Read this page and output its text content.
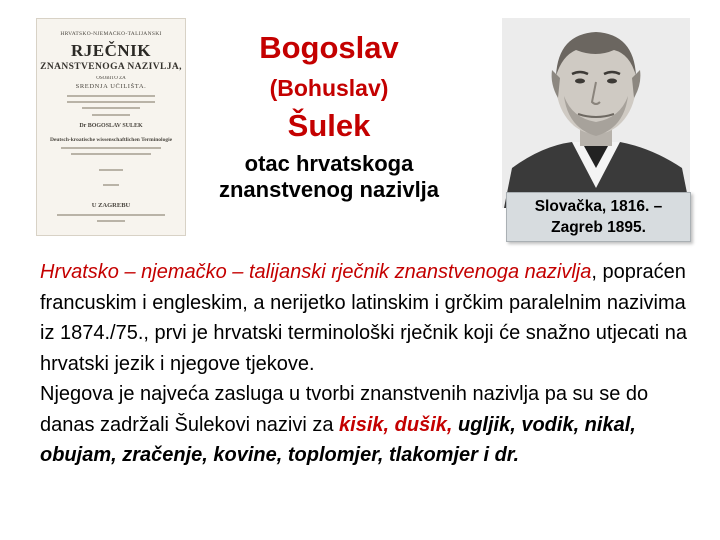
HRVATSKO-NJEMAČKO-TALIJANSKI
RJEČNIK
ZNANSTVENOGA NAZIVLJA,
OSOBITO ZA
SREDNJA UČILIŠTA.
Dr BOGOSLAV ŠULEK
Deutsch-kroatische wissenschaftlichen Terminologie
U ZAGREBU
Bogoslav
(Bohuslav)
Šulek
otac hrvatskoga znanstvenog nazivlja
Slovačka, 1816. –
Zagreb 1895.

Hrvatsko – njemačko – talijanski rječnik znanstvenoga nazivlja, popraćen francuskim i engleskim, a nerijetko latinskim i grčkim paralelnim nazivima iz 1874./75., prvi je hrvatski terminološki rječnik koji će snažno utjecati na hrvatski jezik i njegove tjekove.

Njegova je najveća zasluga u tvorbi znanstvenih nazivlja pa su se do danas zadržali Šulekovi nazivi za kisik, dušik, ugljik, vodik, nikal, obujam, zračenje, kovine, toplomjer, tlakomjer i dr.
